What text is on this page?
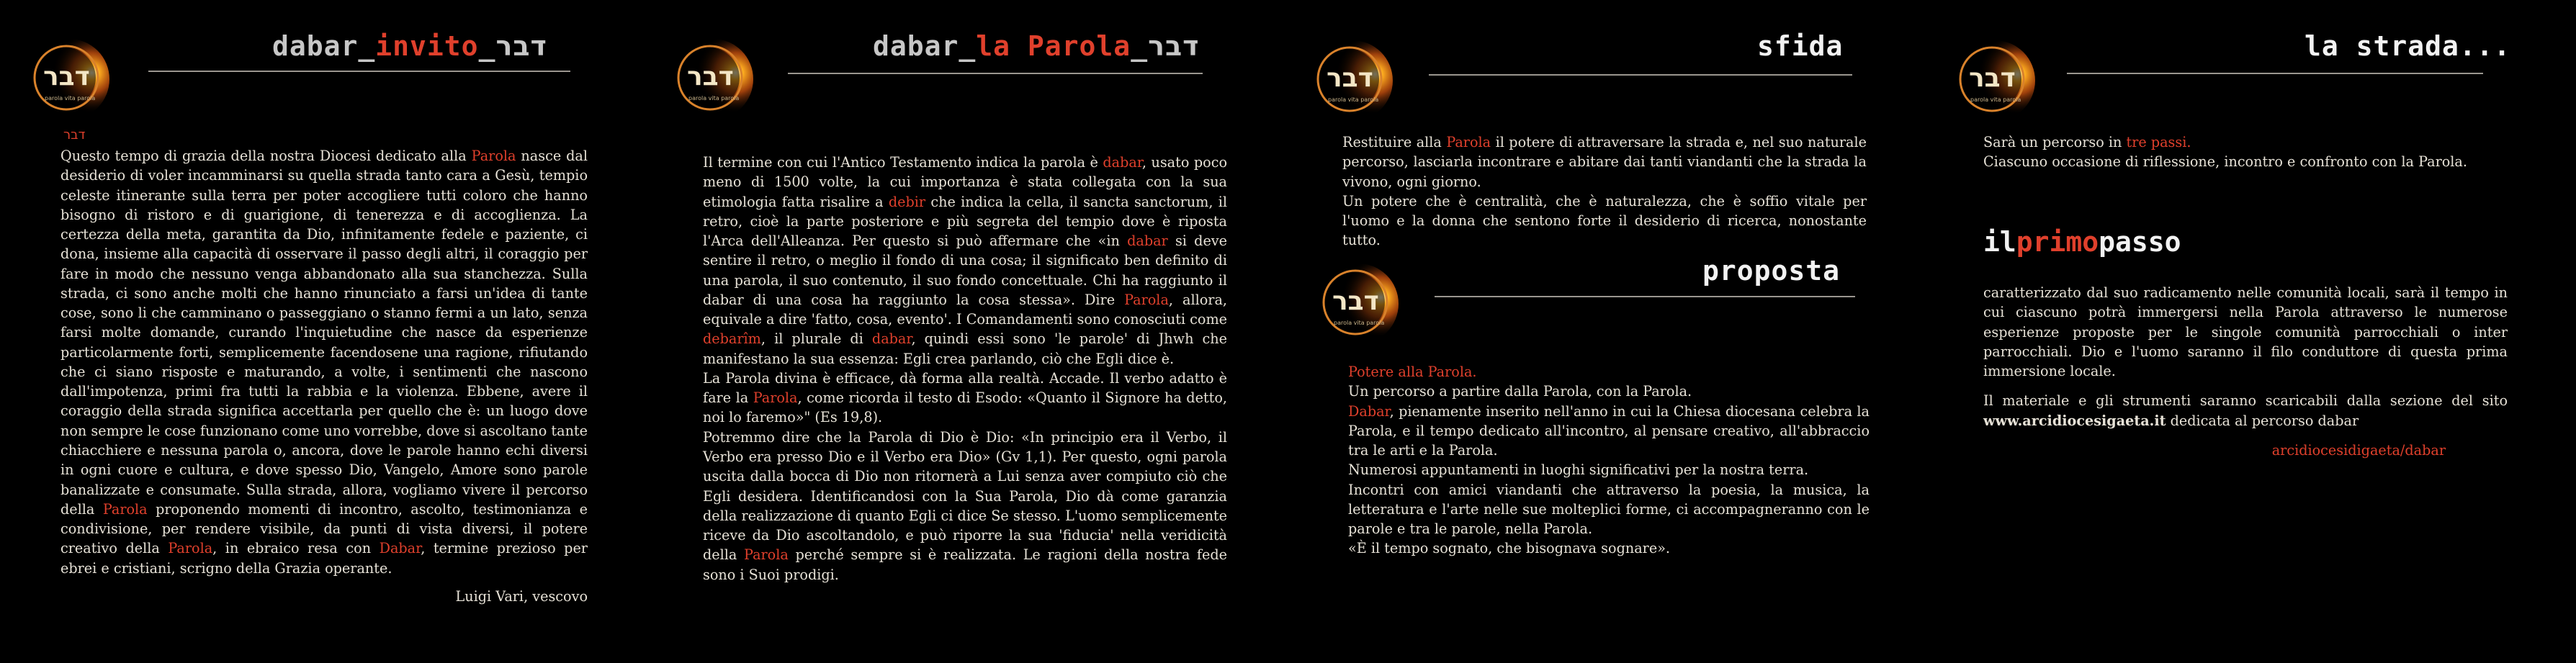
דבר
parola vita parola
dabar_invito_דבר
דבר

Questo tempo di grazia della nostra Diocesi dedicato alla Parola nasce dal desiderio di voler incamminarsi su quella strada tanto cara a Gesù, tempio celeste itinerante sulla terra per poter accogliere tutti coloro che hanno bisogno di ristoro e di guarigione, di tenerezza e di accoglienza. La certezza della meta, garantita da Dio, infinitamente fedele e paziente, ci dona, insieme alla capacità di osservare il passo degli altri, il coraggio per fare in modo che nessuno venga abbandonato alla sua stanchezza. Sulla strada, ci sono anche molti che hanno rinunciato a farsi un'idea di tante cose, sono li che camminano o passeggiano o stanno fermi a un lato, senza farsi molte domande, curando l'inquietudine che nasce da esperienze particolarmente forti, semplicemente facendosene una ragione, rifiutando che ci siano risposte e maturando, a volte, i sentimenti che nascono dall'impotenza, primi fra tutti la rabbia e la violenza. Ebbene, avere il coraggio della strada significa accettarla per quello che è: un luogo dove non sempre le cose funzionano come uno vorrebbe, dove si ascoltano tante chiacchiere e nessuna parola o, ancora, dove le parole hanno echi diversi in ogni cuore e cultura, e dove spesso Dio, Vangelo, Amore sono parole banalizzate e consumate. Sulla strada, allora, vogliamo vivere il percorso della Parola proponendo momenti di incontro, ascolto, testimonianza e condivisione, per rendere visibile, da punti di vista diversi, il potere creativo della Parola, in ebraico resa con Dabar, termine prezioso per ebrei e cristiani, scrigno della Grazia operante.

Luigi Vari, vescovo

דבר
parola vita parola
dabar_la Parola_דבר

Il termine con cui l'Antico Testamento indica la parola è dabar, usato poco meno di 1500 volte, la cui importanza è stata collegata con la sua etimologia fatta risalire a debir che indica la cella, il sancta sanctorum, il retro, cioè la parte posteriore e più segreta del tempio dove è riposta l'Arca dell'Alleanza. Per questo si può affermare che «in dabar si deve sentire il retro, o meglio il fondo di una cosa; il significato ben definito di una parola, il suo contenuto, il suo fondo concettuale. Chi ha raggiunto il dabar di una cosa ha raggiunto la cosa stessa». Dire Parola, allora, equivale a dire 'fatto, cosa, evento'. I Comandamenti sono conosciuti come debarîm, il plurale di dabar, quindi essi sono 'le parole' di Jhwh che manifestano la sua essenza: Egli crea parlando, ciò che Egli dice è.

La Parola divina è efficace, dà forma alla realtà. Accade. Il verbo adatto è fare la Parola, come ricorda il testo di Esodo: «Quanto il Signore ha detto, noi lo faremo»" (Es 19,8).

Potremmo dire che la Parola di Dio è Dio: «In principio era il Verbo, il Verbo era presso Dio e il Verbo era Dio» (Gv 1,1). Per questo, ogni parola uscita dalla bocca di Dio non ritornerà a Lui senza aver compiuto ciò che Egli desidera. Identificandosi con la Sua Parola, Dio dà come garanzia della realizzazione di quanto Egli ci dice Se stesso. L'uomo semplicemente riceve da Dio ascoltandolo, e può riporre la sua 'fiducia' nella veridicità della Parola perché sempre si è realizzata. Le ragioni della nostra fede sono i Suoi prodigi.

דבר
parola vita parola
sfida

Restituire alla Parola il potere di attraversare la strada e, nel suo naturale percorso, lasciarla incontrare e abitare dai tanti viandanti che la strada la vivono, ogni giorno.

Un potere che è centralità, che è naturalezza, che è soffio vitale per l'uomo e la donna che sentono forte il desiderio di ricerca, nonostante tutto.

דבר
parola vita parola
proposta

Potere alla Parola.

Un percorso a partire dalla Parola, con la Parola.

Dabar, pienamente inserito nell'anno in cui la Chiesa diocesana celebra la Parola, e il tempo dedicato all'incontro, al pensare creativo, all'abbraccio tra le arti e la Parola.

Numerosi appuntamenti in luoghi significativi per la nostra terra.

Incontri con amici viandanti che attraverso la poesia, la musica, la letteratura e l'arte nelle sue molteplici forme, ci accompagneranno con le parole e tra le parole, nella Parola.

«È il tempo sognato, che bisognava sognare».

דבר
parola vita parola
la strada...

Sarà un percorso in tre passi.

Ciascuno occasione di riflessione, incontro e confronto con la Parola.

ilprimopasso

caratterizzato dal suo radicamento nelle comunità locali, sarà il tempo in cui ciascuno potrà immergersi nella Parola attraverso le numerose esperienze proposte per le singole comunità parrocchiali o inter parrocchiali. Dio e l'uomo saranno il filo conduttore di questa prima immersione locale.

Il materiale e gli strumenti saranno scaricabili dalla sezione del sito www.arcidiocesigaeta.it dedicata al percorso dabar

arcidiocesidigaeta/dabar
